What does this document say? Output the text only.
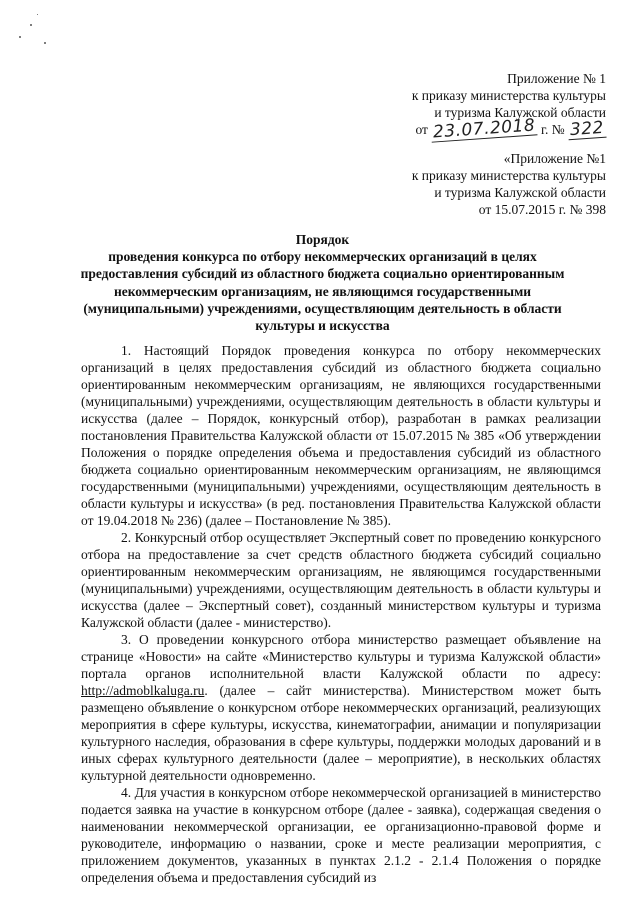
Приложение № 1
к приказу министерства культуры
и туризма Калужской области
от 23.07.2018 г. № 322
«Приложение №1
к приказу министерства культуры
и туризма Калужской области
от 15.07.2015 г. № 398
Порядок
проведения конкурса по отбору некоммерческих организаций в целях
предоставления субсидий из областного бюджета социально ориентированным
некоммерческим организациям, не являющимся государственными
(муниципальными) учреждениями, осуществляющим деятельность в области
культуры и искусства

1. Настоящий Порядок проведения конкурса по отбору некоммерческих организаций в целях предоставления субсидий из областного бюджета социально ориентированным некоммерческим организациям, не являющихся государственными (муниципальными) учреждениями, осуществляющим деятельность в области культуры и искусства (далее – Порядок, конкурсный отбор), разработан в рамках реализации постановления Правительства Калужской области от 15.07.2015 № 385 «Об утверждении Положения о порядке определения объема и предоставления субсидий из областного бюджета социально ориентированным некоммерческим организациям, не являющимся государственными (муниципальными) учреждениями, осуществляющим деятельность в области культуры и искусства» (в ред. постановления Правительства Калужской области от 19.04.2018 № 236) (далее – Постановление № 385).

2. Конкурсный отбор осуществляет Экспертный совет по проведению конкурсного отбора на предоставление за счет средств областного бюджета субсидий социально ориентированным некоммерческим организациям, не являющимся государственными (муниципальными) учреждениями, осуществляющим деятельность в области культуры и искусства (далее – Экспертный совет), созданный министерством культуры и туризма Калужской области (далее - министерство).

3. О проведении конкурсного отбора министерство размещает объявление на странице «Новости» на сайте «Министерство культуры и туризма Калужской области» портала органов исполнительной власти Калужской области по адресу: http://admoblkaluga.ru. (далее – сайт министерства). Министерством может быть размещено объявление о конкурсном отборе некоммерческих организаций, реализующих мероприятия в сфере культуры, искусства, кинематографии, анимации и популяризации культурного наследия, образования в сфере культуры, поддержки молодых дарований и в иных сферах культурного деятельности (далее – мероприятие), в нескольких областях культурной деятельности одновременно.

4. Для участия в конкурсном отборе некоммерческой организацией в министерство подается заявка на участие в конкурсном отборе (далее - заявка), содержащая сведения о наименовании некоммерческой организации, ее организационно-правовой форме и руководителе, информацию о названии, сроке и месте реализации мероприятия, с приложением документов, указанных в пунктах 2.1.2 - 2.1.4 Положения о порядке определения объема и предоставления субсидий из
